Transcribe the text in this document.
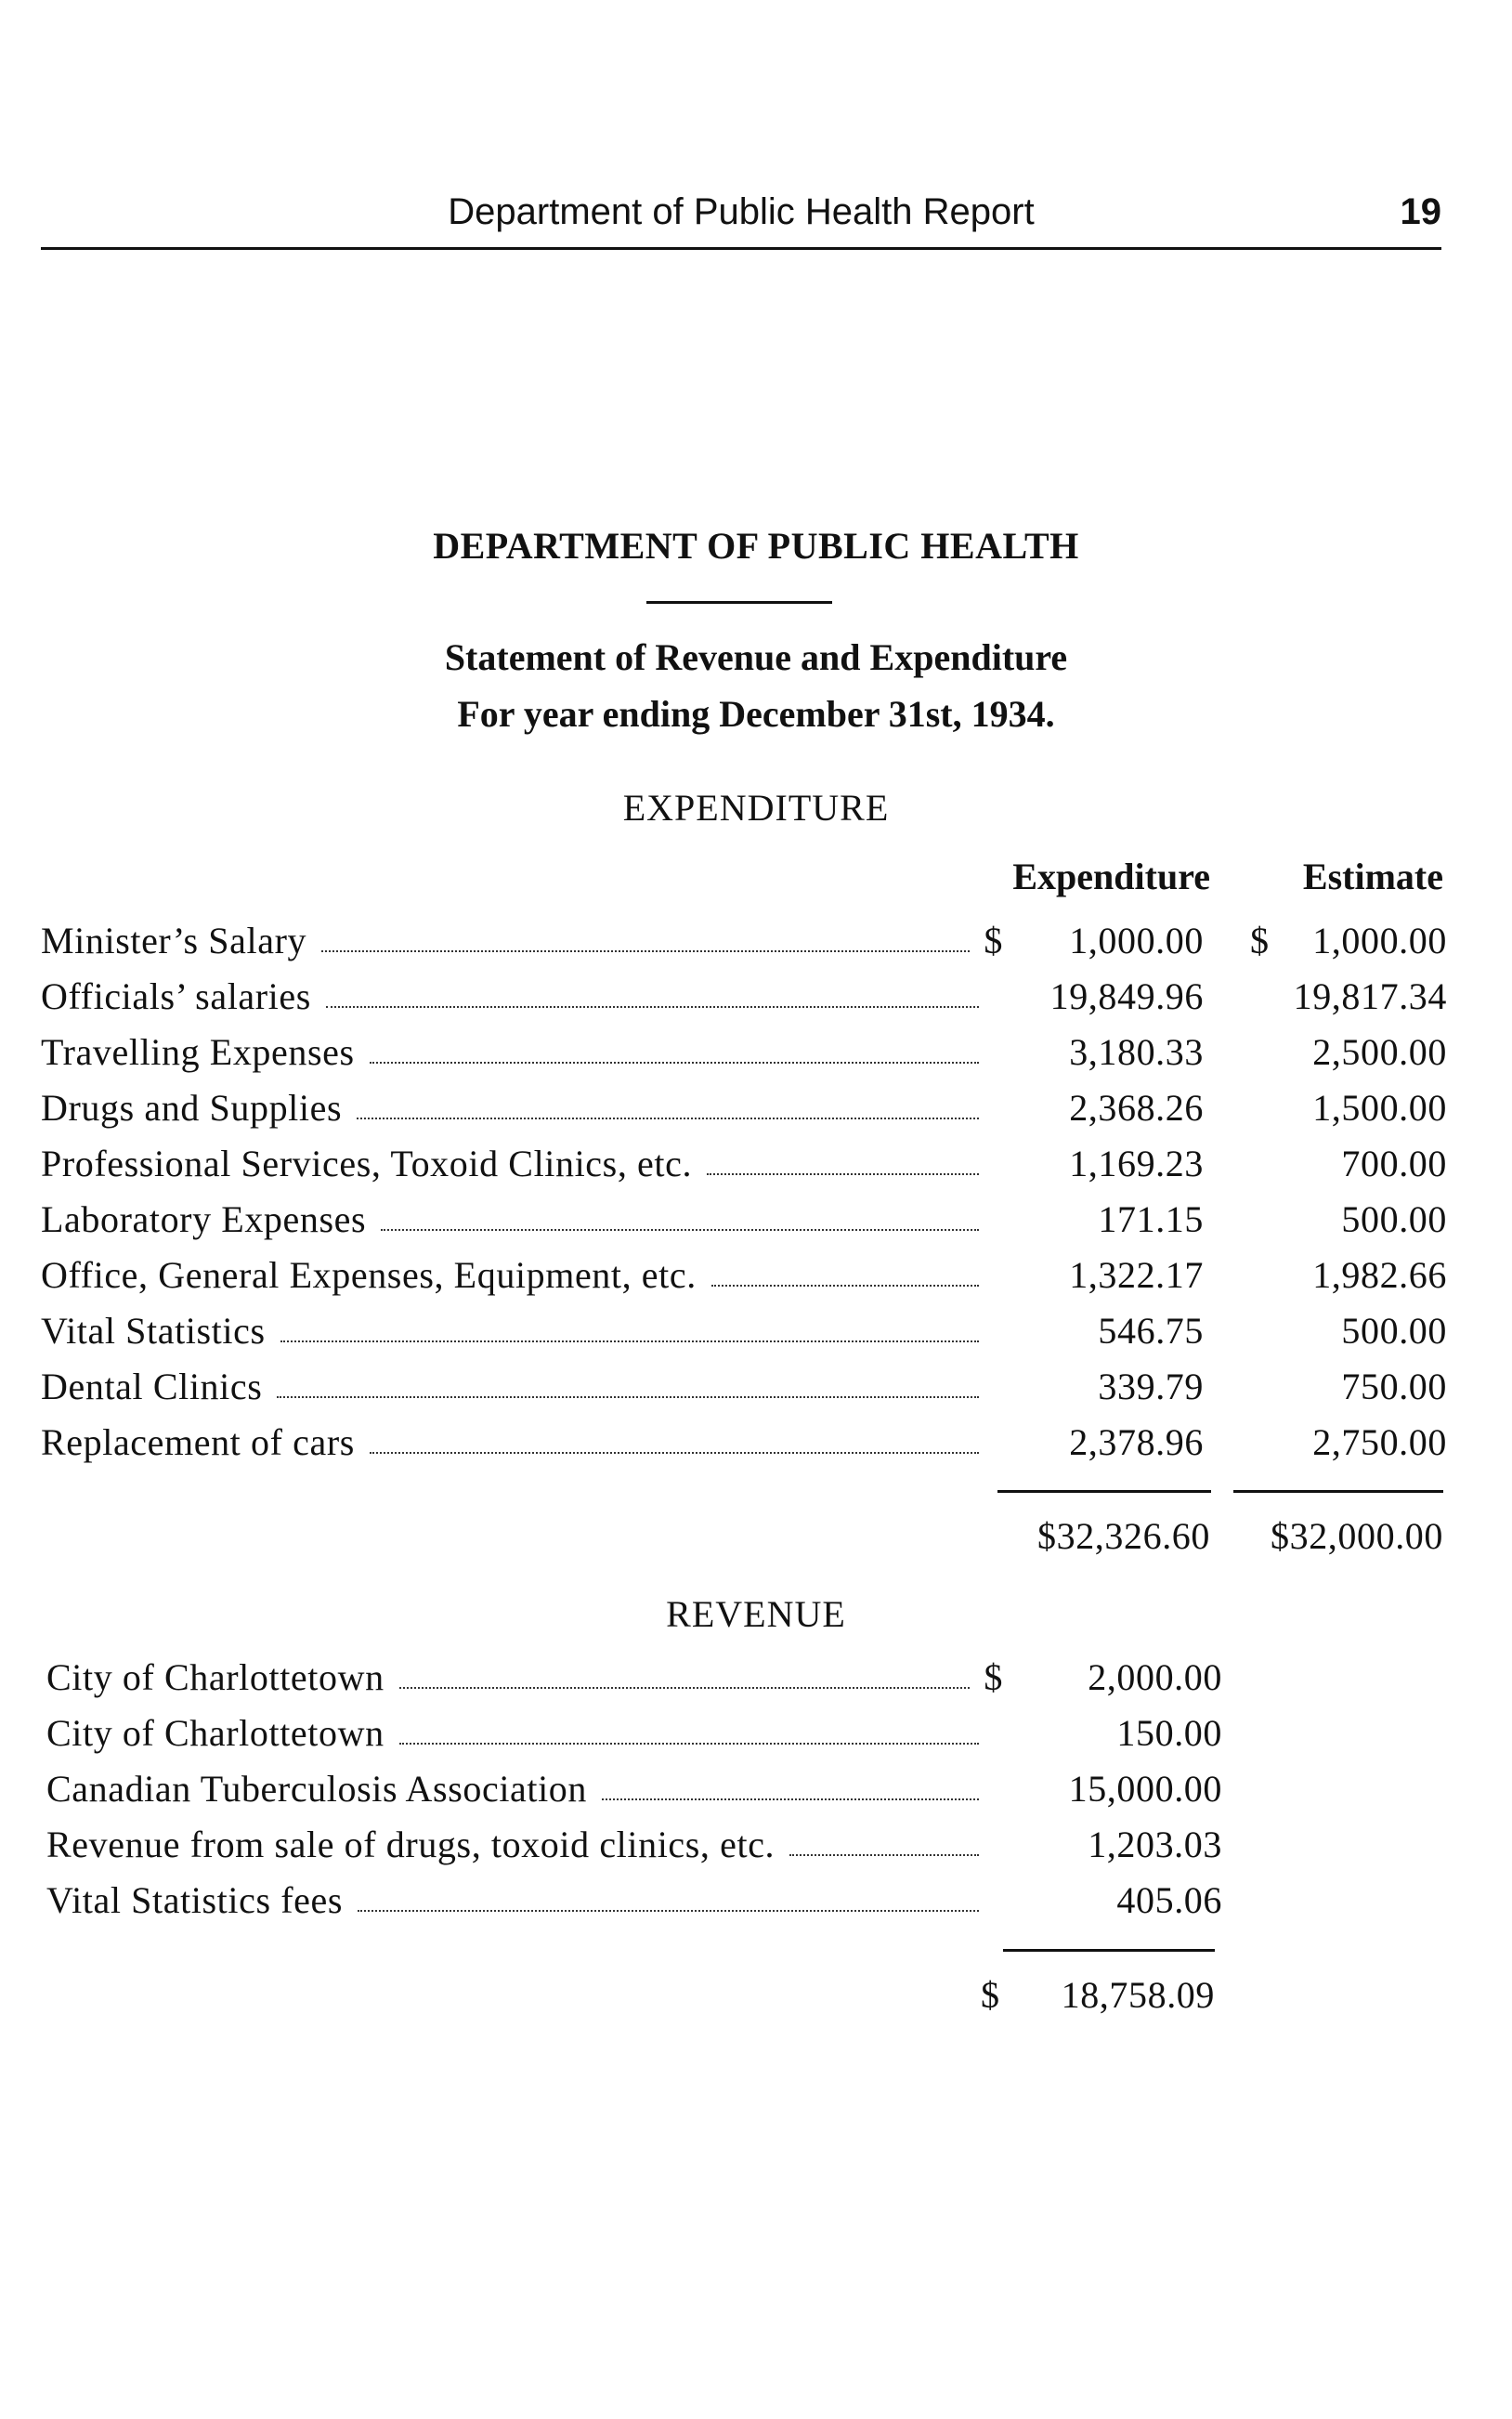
Department of Public Health Report	19
DEPARTMENT OF PUBLIC HEALTH
Statement of Revenue and Expenditure
For year ending December 31st, 1934.
EXPENDITURE
Expenditure Estimate
Minister’s Salary	$ 1,000.00 $ 1,000.00
Officials’ salaries	19,849.96 19,817.34
Travelling Expenses	3,180.33	2,500.00
Drugs and Supplies	2,368.26	1,500.00
Professional Services, Toxoid Clinics, etc.	1,169.23	700.00
Laboratory Expenses	171.15	500.00
Office, General Expenses, Equipment, etc.	1,322.17	1,982.66
Vital Statistics	546.75	500.00
Dental Clinics	339.79	750.00
Replacement of cars	2,378.96	2,750.00
$32,326.60 $32,000.00
REVENUE
City of Charlottetown	$ 2,000.00
City of Charlottetown	150.00
Canadian Tuberculosis Association	15,000.00
Revenue from sale of drugs, toxoid clinics, etc.	1,203.03
Vital Statistics fees	405.06
$ 18,758.09
